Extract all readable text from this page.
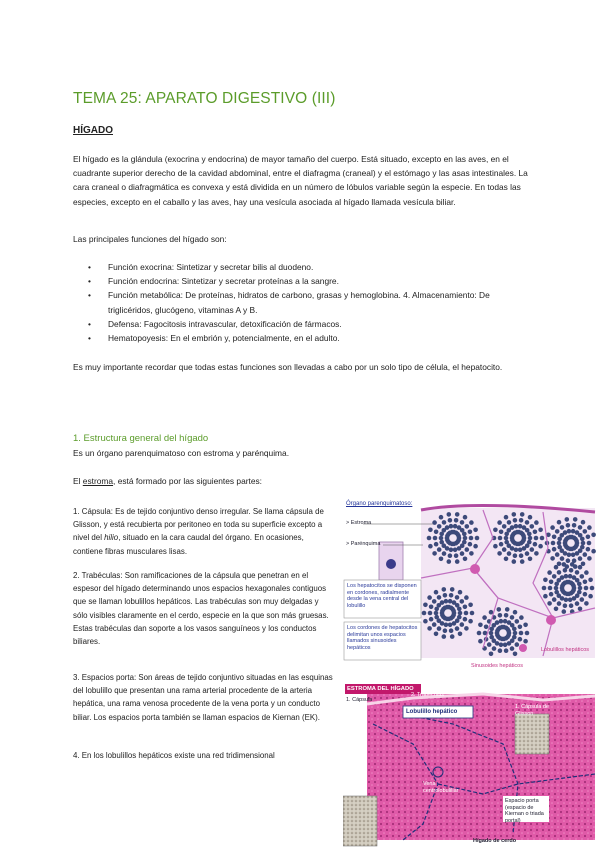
TEMA 25: APARATO DIGESTIVO (III)
HÍGADO
El hígado es la glándula (exocrina y endocrina) de mayor tamaño del cuerpo. Está situado, excepto en las aves, en el cuadrante superior derecho de la cavidad abdominal, entre el diafragma (craneal) y el estómago y las asas intestinales. La cara craneal o diafragmática es convexa y está dividida en un número de lóbulos variable según la especie. En todas las especies, excepto en el caballo y las aves, hay una vesícula asociada al hígado llamada vesícula biliar.
Las principales funciones del hígado son:
• Función exocrina: Sintetizar y secretar bilis al duodeno.
• Función endocrina: Sintetizar y secretar proteínas a la sangre.
• Función metabólica: De proteínas, hidratos de carbono, grasas y hemoglobina. 4. Almacenamiento: De triglicéridos, glucógeno, vitaminas A y B.
• Defensa: Fagocitosis intravascular, detoxificación de fármacos.
• Hematopoyesis: En el embrión y, potencialmente, en el adulto.
Es muy importante recordar que todas estas funciones son llevadas a cabo por un solo tipo de célula, el hepatocito.
1. Estructura general del hígado
Es un órgano parenquimatoso con estroma y parénquima.
El estroma, está formado por las siguientes partes:
1. Cápsula: Es de tejido conjuntivo denso irregular. Se llama cápsula de Glisson, y está recubierta por peritoneo en toda su superficie excepto a nivel del hilio, situado en la cara caudal del órgano. En ocasiones, contiene fibras musculares lisas.
2. Trabéculas: Son ramificaciones de la cápsula que penetran en el espesor del hígado determinando unos espacios hexagonales contiguos que se llaman lobulillos hepáticos. Las trabéculas son muy delgadas y sólo visibles claramente en el cerdo, especie en la que son más gruesas. Estas trabéculas dan soporte a los vasos sanguíneos y los conductos biliares.
3. Espacios porta: Son áreas de tejido conjuntivo situadas en las esquinas del lobulillo que presentan una rama arterial procedente de la arteria hepática, una rama venosa procedente de la vena porta y un conducto biliar. Los espacios porta también se llaman espacios de Kiernan (EK).
4. En los lobulillos hepáticos existe una red tridimensional
Órgano parenquimatoso:
> Estroma
> Parénquima
Los hepatocitos se disponen en cordones, radialmente desde la vena central del lobulillo
Los cordones de hepatocitos delimitan unos espacios llamados sinusoides hepáticos
Sinusoides hepáticos
Lobulillos hepáticos
ESTROMA DEL HÍGADO
1. Cápsula
2. Trabéculas
Lobulillo hepático
1. Cápsula de Glisson
Vena centrolobulillar
Espacio porta (espacio de Kiernan o triada portal)
Hígado de cerdo
